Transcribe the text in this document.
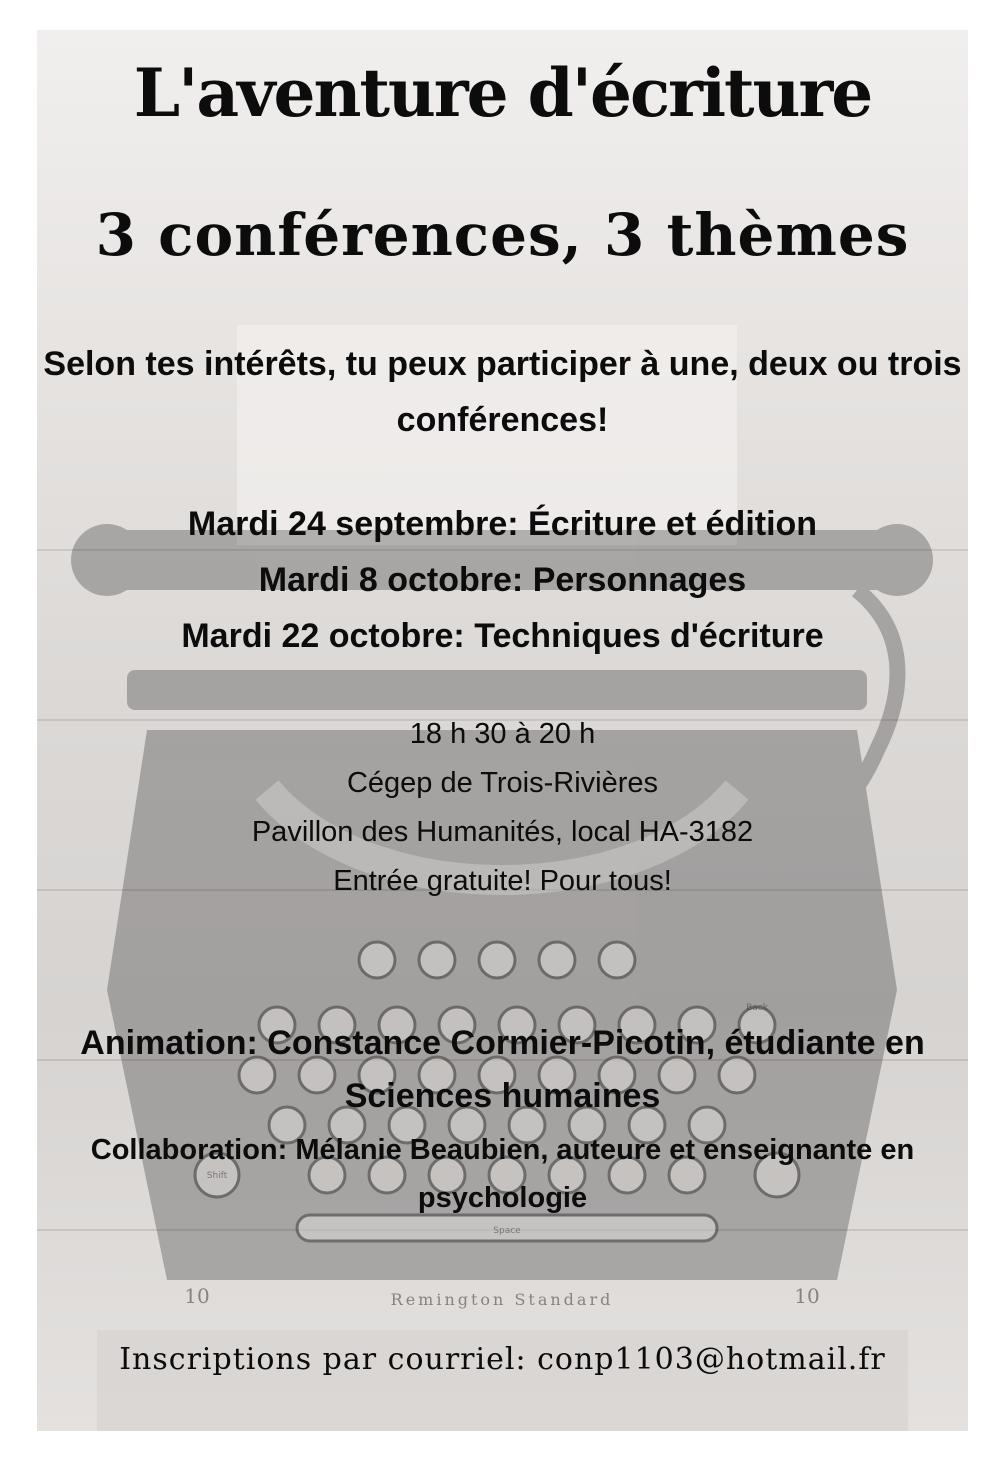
Space
Back
Shift
10	Remington Standard	10
L'aventure d'écriture
3 conférences, 3 thèmes

Selon tes intérêts, tu peux participer à une, deux ou trois conférences!

Mardi 24 septembre: Écriture et édition
Mardi 8 octobre: Personnages
Mardi 22 octobre: Techniques d'écriture
18 h 30 à 20 h
Cégep de Trois-Rivières
Pavillon des Humanités, local HA-3182
Entrée gratuite! Pour tous!

Animation: Constance Cormier-Picotin, étudiante en Sciences humaines

Collaboration: Mélanie Beaubien, auteure et enseignante en psychologie

Inscriptions par courriel: conp1103@hotmail.fr
